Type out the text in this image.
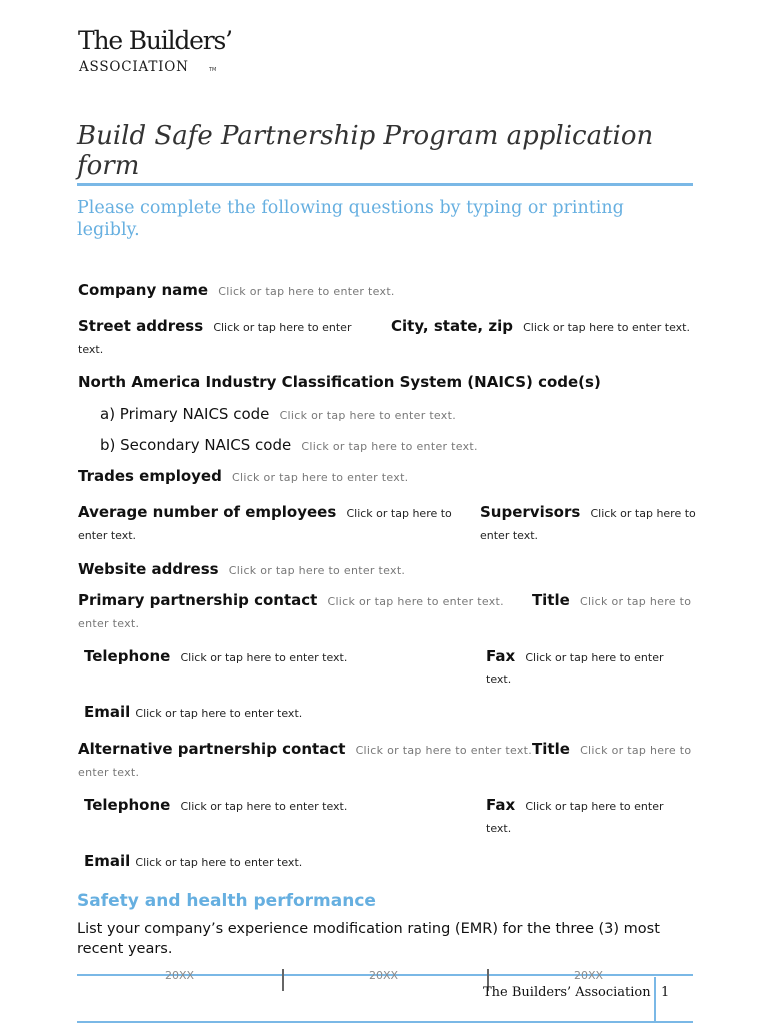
The Builders’
ASSOCIATION	TM
Build Safe Partnership Program application form
Please complete the following questions by typing or printing legibly.
Company name Click or tap here to enter text.
Street address Click or tap here to enter text.
City, state, zip Click or tap here to enter text.
North America Industry Classification System (NAICS) code(s)
a) Primary NAICS code Click or tap here to enter text.
b) Secondary NAICS code Click or tap here to enter text.
Trades employed Click or tap here to enter text.
Average number of employees Click or tap here to enter text.
Supervisors Click or tap here to enter text.
Website address Click or tap here to enter text.
Primary partnership contact Click or tap here to enter text. Title Click or tap here to enter text.
Telephone Click or tap here to enter text.	Fax Click or tap here to enter text.
Email Click or tap here to enter text.
Alternative partnership contact Click or tap here to enter text.Title Click or tap here to enter text.
Telephone Click or tap here to enter text.	Fax Click or tap here to enter text.
Email Click or tap here to enter text.
Safety and health performance
List your company’s experience modification rating (EMR) for the three (3) most recent years.
20XX	20XX	20XX
The Builders’ Association 1
